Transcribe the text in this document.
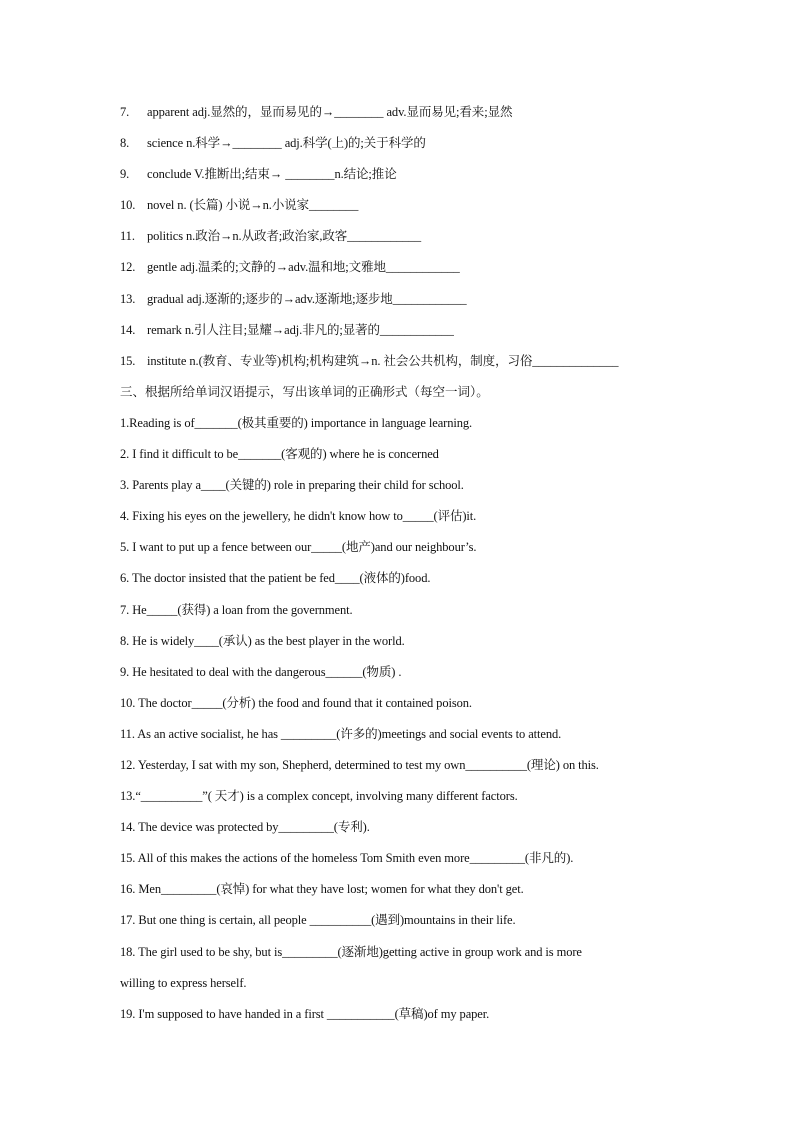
7. apparent adj.显然的，显而易见的→________ adv.显而易见;看来;显然
8. science n.科学→________ adj.科学(上)的;关于科学的
9. conclude V.推断出;结束→ ________n.结论;推论
10. novel n. (长篇) 小说→n.小说家________
11. politics n.政治→n.从政者;政治家,政客____________
12. gentle adj.温柔的;文静的→adv.温和地;文雅地____________
13. gradual adj.逐渐的;逐步的→adv.逐渐地;逐步地____________
14. remark n.引人注目;显耀→adj.非凡的;显著的____________
15. institute n.(教育、专业等)机构;机构建筑→n. 社会公共机构，制度，习俗______________
三、根据所给单词汉语提示，写出该单词的正确形式（每空一词）。
1.Reading is of_______(极其重要的) importance in language learning.
2. I find it difficult to be_______(客观的) where he is concerned
3. Parents play a____(关键的) role in preparing their child for school.
4. Fixing his eyes on the jewellery, he didn't know how to_____(评估)it.
5. I want to put up a fence between our_____(地产)and our neighbour’s.
6. The doctor insisted that the patient be fed____(液体的)food.
7. He_____(获得) a loan from the government.
8. He is widely____(承认) as the best player in the world.
9. He hesitated to deal with the dangerous______(物质) .
10. The doctor_____(分析) the food and found that it contained poison.
11. As an active socialist, he has _________(许多的)meetings and social events to attend.
12. Yesterday, I sat with my son, Shepherd, determined to test my own__________(理论) on this.
13.“__________”( 天才) is a complex concept, involving many different factors.
14. The device was protected by_________(专利).
15. All of this makes the actions of the homeless Tom Smith even more_________(非凡的).
16. Men_________(哀悼) for what they have lost; women for what they don't get.
17. But one thing is certain, all people __________(遇到)mountains in their life.
18. The girl used to be shy, but is_________(逐渐地)getting active in group work and is more
willing to express herself.
19. I'm supposed to have handed in a first ___________(草稿)of my paper.
